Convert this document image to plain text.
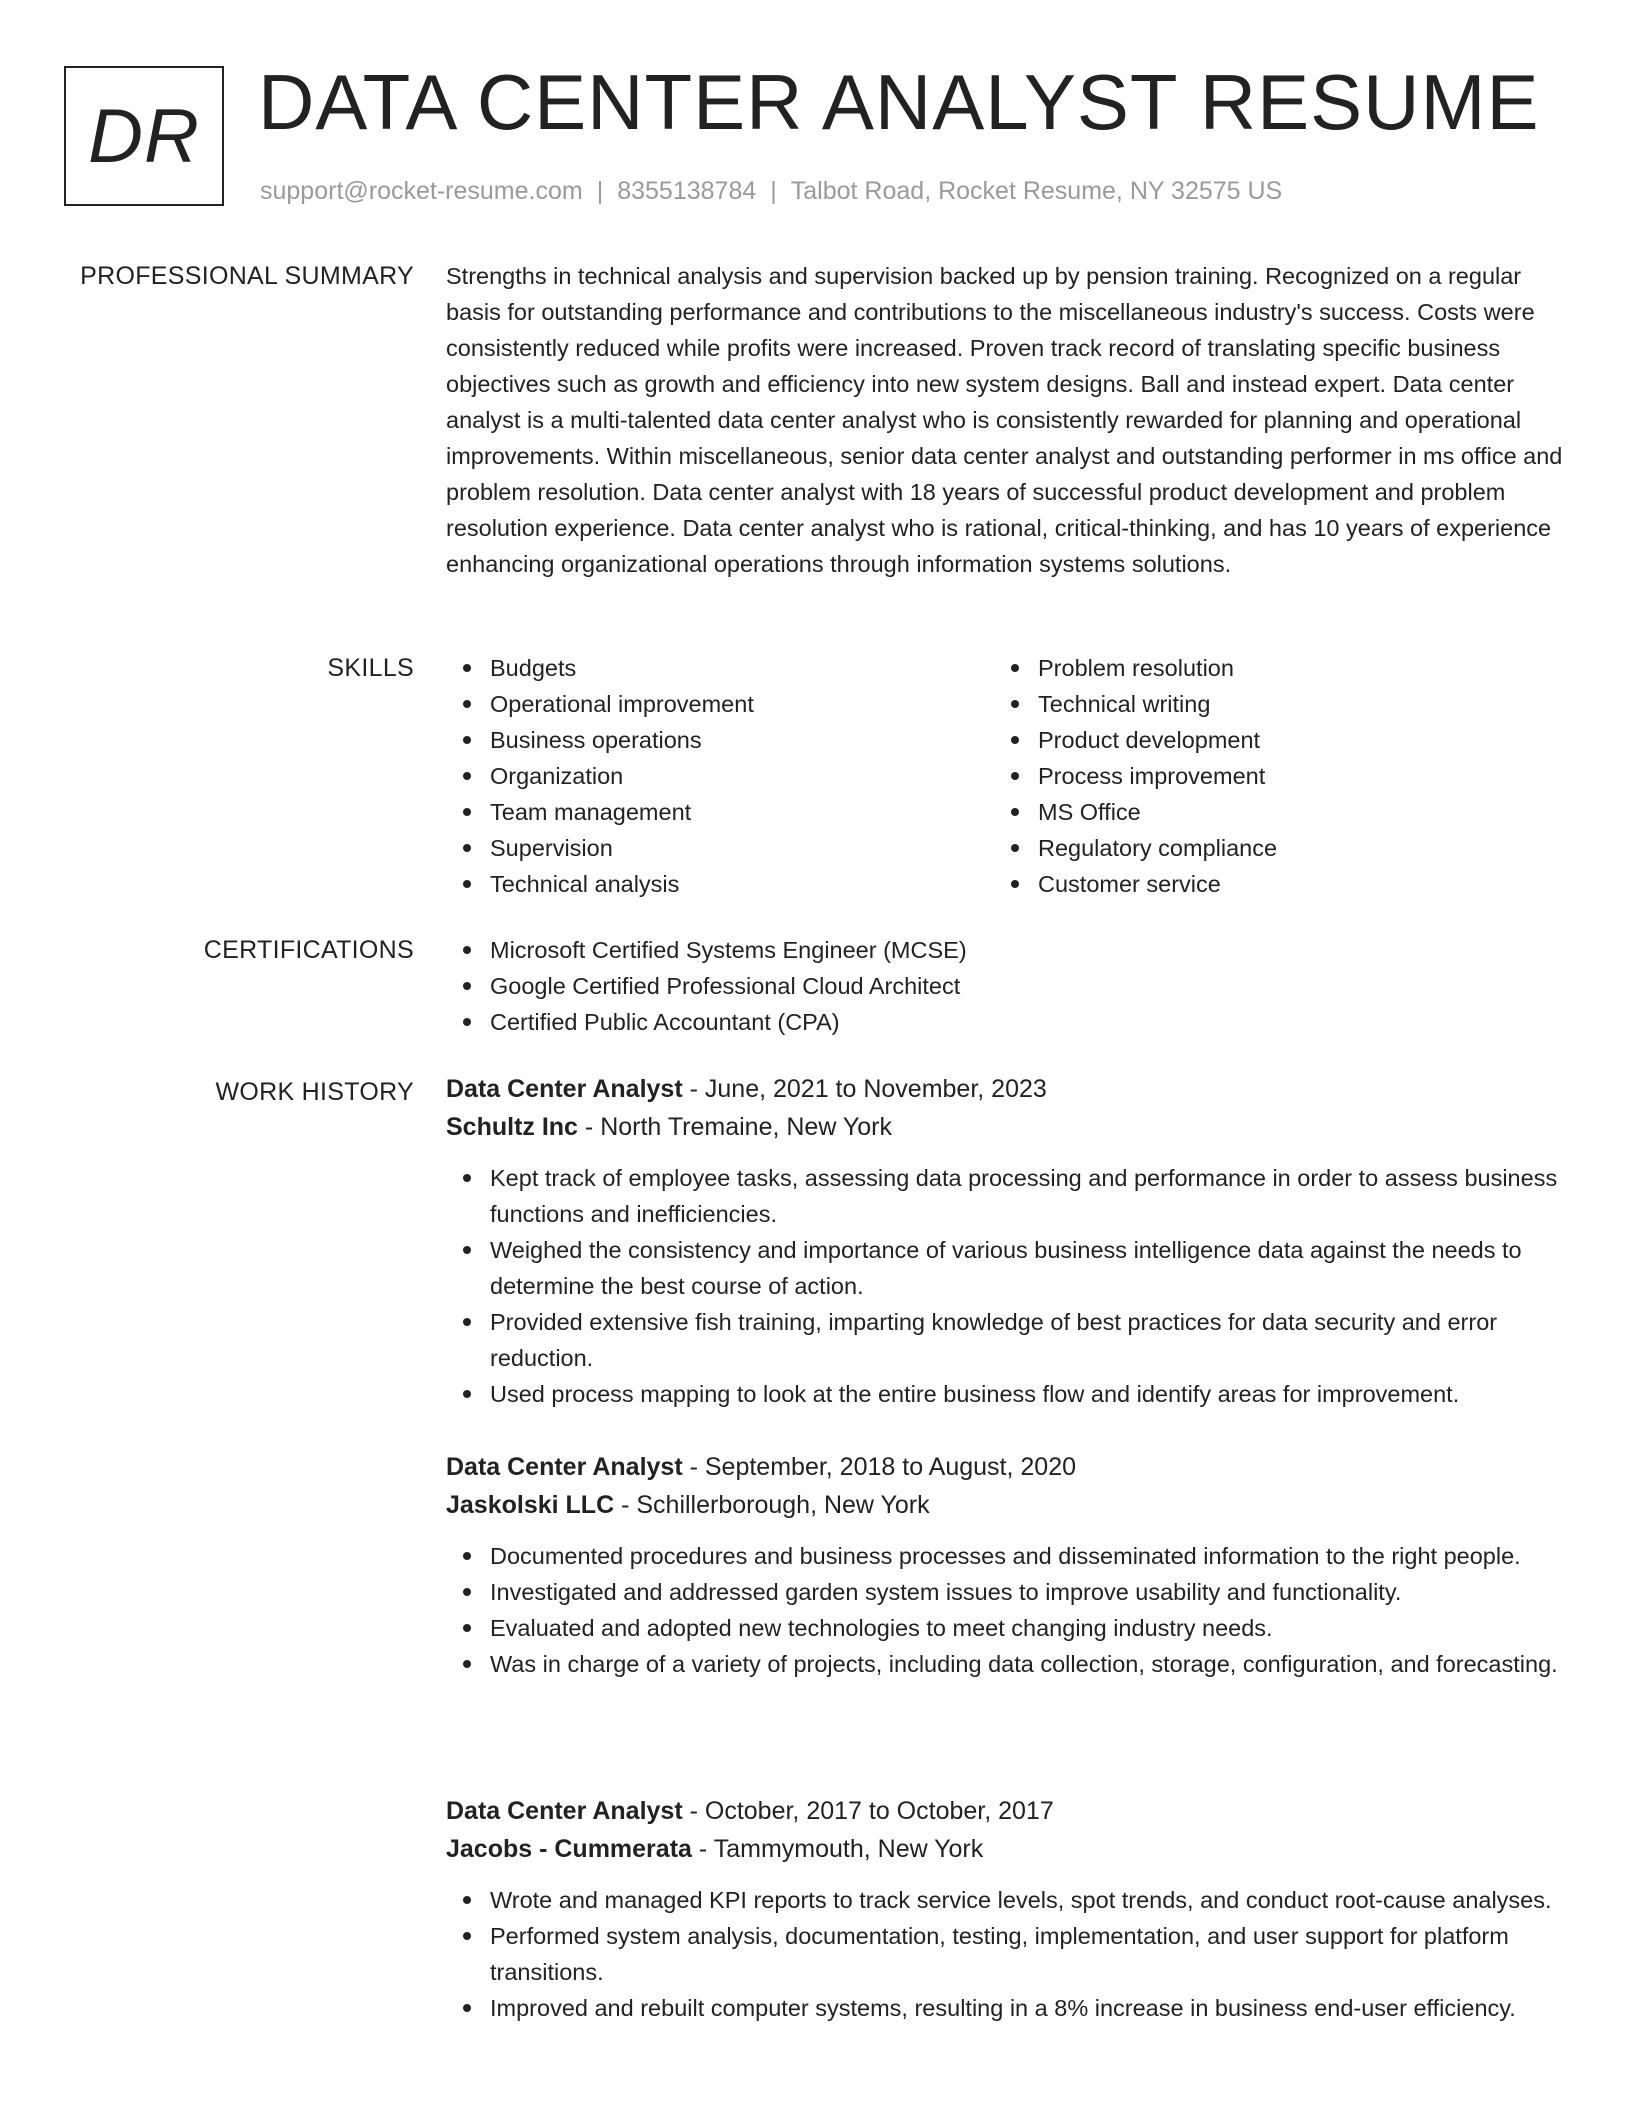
DR DATA CENTER ANALYST RESUME
support@rocket-resume.com | 8355138784 | Talbot Road, Rocket Resume, NY 32575 US
PROFESSIONAL SUMMARY Strengths in technical analysis and supervision backed up by pension training. Recognized on a regular basis for outstanding performance and contributions to the miscellaneous industry's success. Costs were consistently reduced while profits were increased. Proven track record of translating specific business objectives such as growth and efficiency into new system designs. Ball and instead expert. Data center analyst is a multi-talented data center analyst who is consistently rewarded for planning and operational improvements. Within miscellaneous, senior data center analyst and outstanding performer in ms office and problem resolution. Data center analyst with 18 years of successful product development and problem resolution experience. Data center analyst who is rational, critical-thinking, and has 10 years of experience enhancing organizational operations through information systems solutions.

SKILLS	Budgets
Operational improvement
Business operations
Organization
Team management
Supervision
Technical analysis
Problem resolution
Technical writing
Product development
Process improvement
MS Office
Regulatory compliance
Customer service
CERTIFICATIONS	Microsoft Certified Systems Engineer (MCSE)
Google Certified Professional Cloud Architect
Certified Public Accountant (CPA)
WORK HISTORY Data Center Analyst - June, 2021 to November, 2023
Schultz Inc - North Tremaine, New York
Kept track of employee tasks, assessing data processing and performance in order to assess business functions and inefficiencies.
Weighed the consistency and importance of various business intelligence data against the needs to determine the best course of action.
Provided extensive fish training, imparting knowledge of best practices for data security and error reduction.
Used process mapping to look at the entire business flow and identify areas for improvement.
Data Center Analyst - September, 2018 to August, 2020
Jaskolski LLC - Schillerborough, New York
Documented procedures and business processes and disseminated information to the right people.
Investigated and addressed garden system issues to improve usability and functionality.
Evaluated and adopted new technologies to meet changing industry needs.
Was in charge of a variety of projects, including data collection, storage, configuration, and forecasting.
Data Center Analyst - October, 2017 to October, 2017
Jacobs - Cummerata - Tammymouth, New York
Wrote and managed KPI reports to track service levels, spot trends, and conduct root-cause analyses.
Performed system analysis, documentation, testing, implementation, and user support for platform transitions.
Improved and rebuilt computer systems, resulting in a 8% increase in business end-user efficiency.
